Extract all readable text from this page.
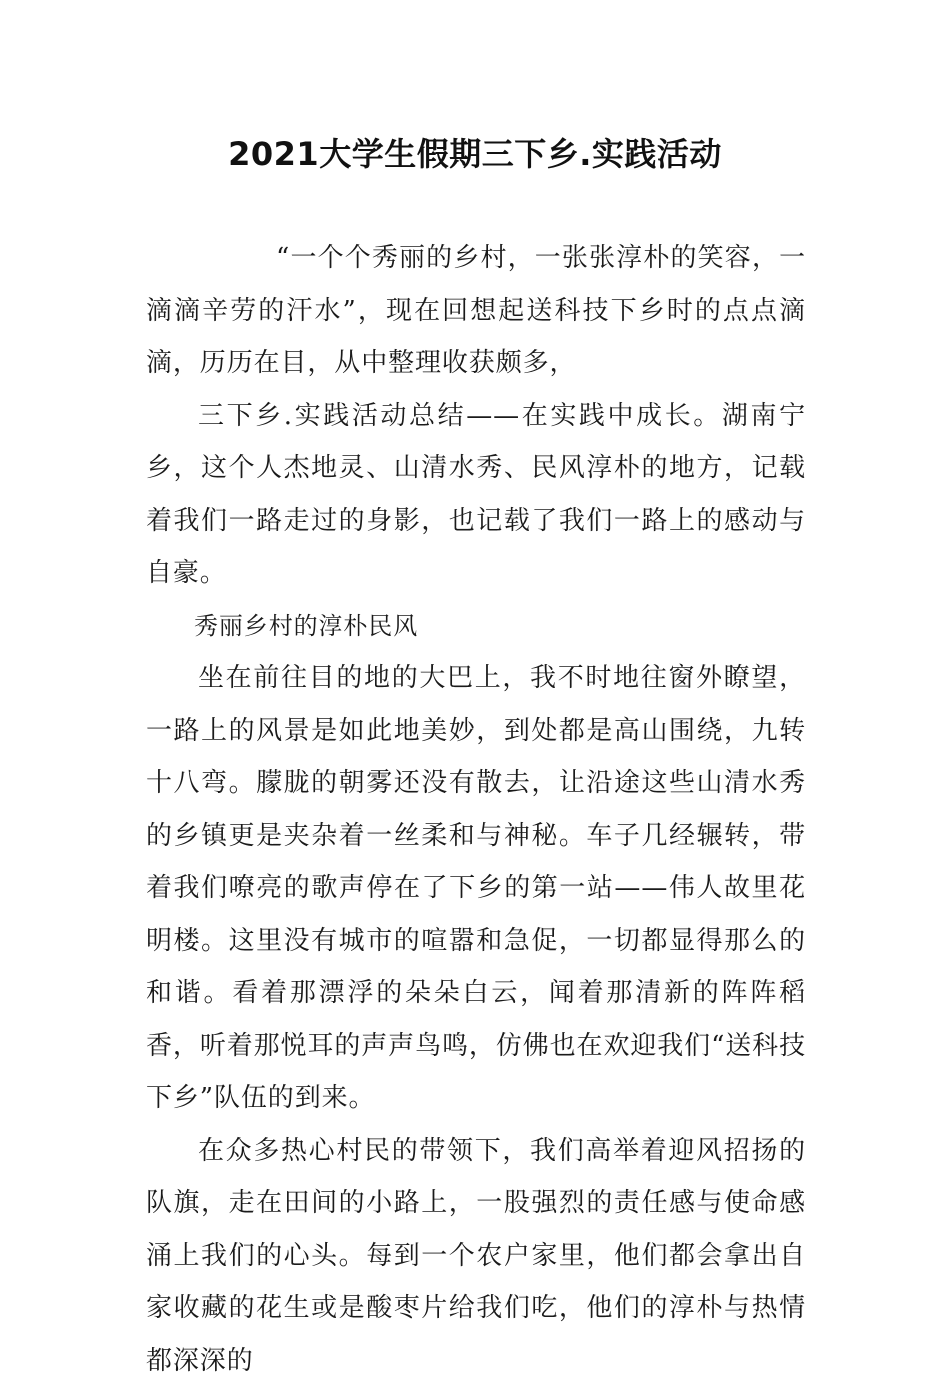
2021大学生假期三下乡.实践活动

“一个个秀丽的乡村，一张张淳朴的笑容，一滴滴辛劳的汗水”，现在回想起送科技下乡时的点点滴滴，历历在目，从中整理收获颇多，

三下乡.实践活动总结——在实践中成长。湖南宁乡，这个人杰地灵、山清水秀、民风淳朴的地方，记载着我们一路走过的身影，也记载了我们一路上的感动与自豪。

秀丽乡村的淳朴民风

坐在前往目的地的大巴上，我不时地往窗外瞭望，一路上的风景是如此地美妙，到处都是高山围绕，九转十八弯。朦胧的朝雾还没有散去，让沿途这些山清水秀的乡镇更是夹杂着一丝柔和与神秘。车子几经辗转，带着我们嘹亮的歌声停在了下乡的第一站——伟人故里花明楼。这里没有城市的喧嚣和急促，一切都显得那么的和谐。看着那漂浮的朵朵白云，闻着那清新的阵阵稻香，听着那悦耳的声声鸟鸣，仿佛也在欢迎我们“送科技下乡”队伍的到来。

在众多热心村民的带领下，我们高举着迎风招扬的队旗，走在田间的小路上，一股强烈的责任感与使命感涌上我们的心头。每到一个农户家里，他们都会拿出自家收藏的花生或是酸枣片给我们吃，他们的淳朴与热情都深深的
